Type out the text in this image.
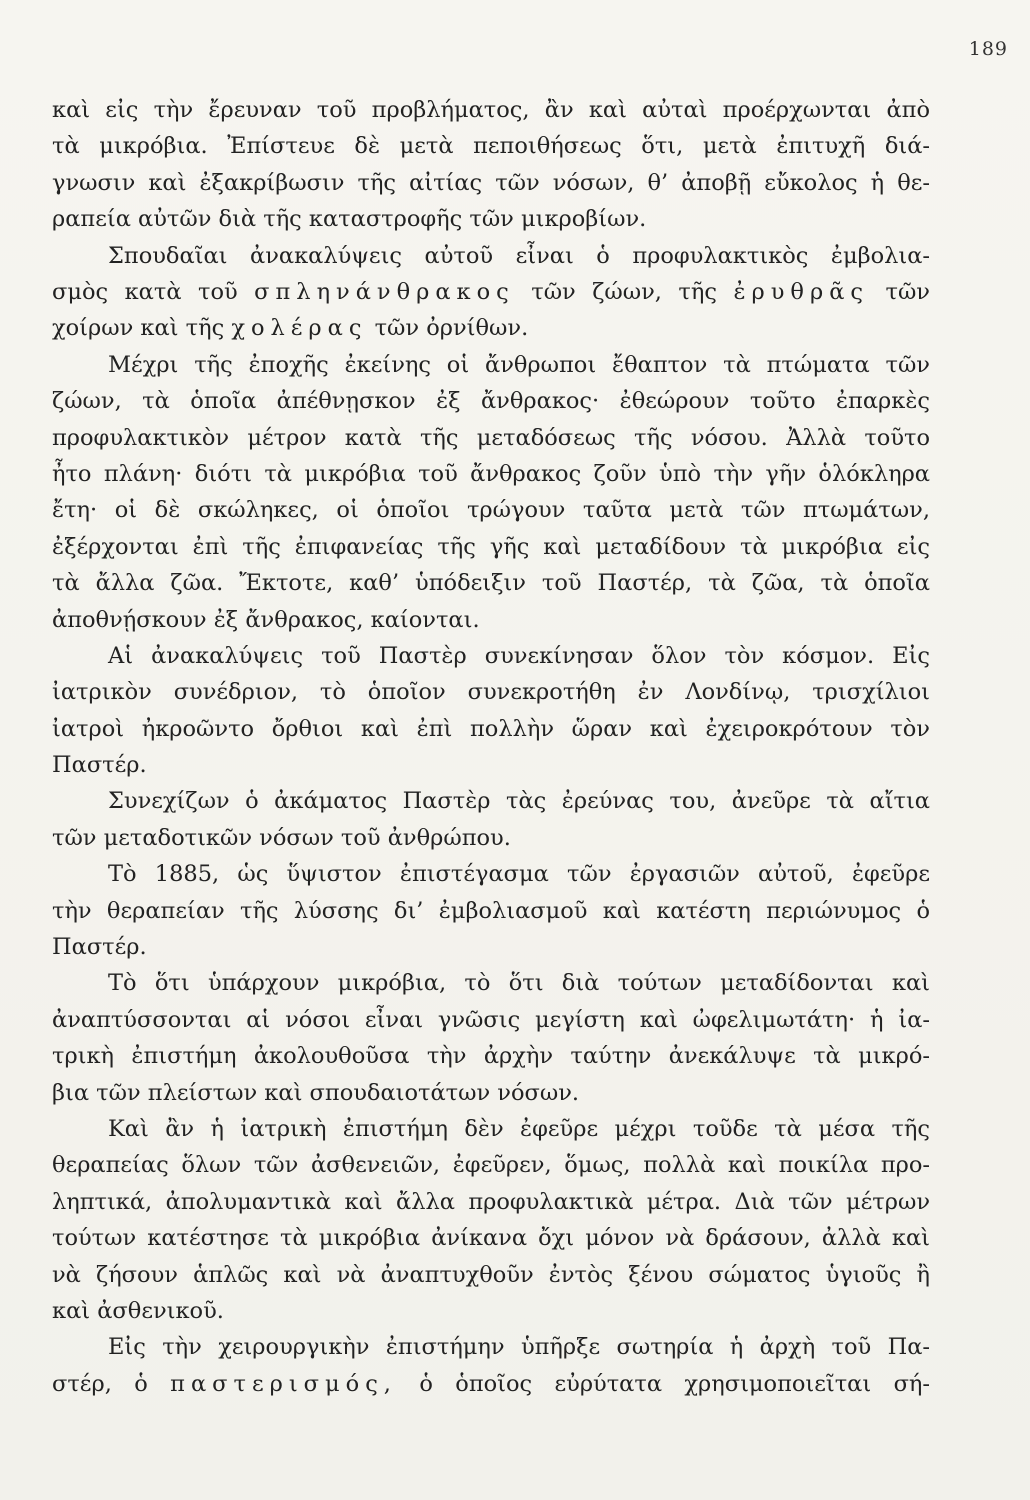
189
καὶ εἰς τὴν ἔρευναν τοῦ προβλήματος, ἂν καὶ αὐταὶ προέρχωνται ἀπὸ
τὰ μικρόβια. Ἐπίστευε δὲ μετὰ πεποιθήσεως ὅτι, μετὰ ἐπιτυχῆ διά-
γνωσιν καὶ ἐξακρίβωσιν τῆς αἰτίας τῶν νόσων, θ’ ἀποβῇ εὔκολος ἡ θε-
ραπεία αὐτῶν διὰ τῆς καταστροφῆς τῶν μικροβίων.
Σπουδαῖαι ἀνακαλύψεις αὐτοῦ εἶναι ὁ προφυλακτικὸς ἐμβολια-
σμὸς κατὰ τοῦ σπληνάνθρακος τῶν ζώων, τῆς ἐρυθρᾶς τῶν
χοίρων καὶ τῆς χολέρας τῶν ὀρνίθων.
Μέχρι τῆς ἐποχῆς ἐκείνης οἱ ἄνθρωποι ἔθαπτον τὰ πτώματα τῶν
ζώων, τὰ ὁποῖα ἀπέθνῃσκον ἐξ ἄνθρακος· ἐθεώρουν τοῦτο ἐπαρκὲς
προφυλακτικὸν μέτρον κατὰ τῆς μεταδόσεως τῆς νόσου. Ἀλλὰ τοῦτο
ἦτο πλάνη· διότι τὰ μικρόβια τοῦ ἄνθρακος ζοῦν ὑπὸ τὴν γῆν ὁλόκληρα
ἔτη· οἱ δὲ σκώληκες, οἱ ὁποῖοι τρώγουν ταῦτα μετὰ τῶν πτωμάτων,
ἐξέρχονται ἐπὶ τῆς ἐπιφανείας τῆς γῆς καὶ μεταδίδουν τὰ μικρόβια εἰς
τὰ ἄλλα ζῶα. Ἔκτοτε, καθ’ ὑπόδειξιν τοῦ Παστέρ, τὰ ζῶα, τὰ ὁποῖα
ἀποθνῄσκουν ἐξ ἄνθρακος, καίονται.
Αἱ ἀνακαλύψεις τοῦ Παστὲρ συνεκίνησαν ὅλον τὸν κόσμον. Εἰς
ἰατρικὸν συνέδριον, τὸ ὁποῖον συνεκροτήθη ἐν Λονδίνῳ, τρισχίλιοι
ἰατροὶ ἠκροῶντο ὄρθιοι καὶ ἐπὶ πολλὴν ὥραν καὶ ἐχειροκρότουν τὸν
Παστέρ.
Συνεχίζων ὁ ἀκάματος Παστὲρ τὰς ἐρεύνας του, ἀνεῦρε τὰ αἴτια
τῶν μεταδοτικῶν νόσων τοῦ ἀνθρώπου.
Τὸ 1885, ὡς ὕψιστον ἐπιστέγασμα τῶν ἐργασιῶν αὐτοῦ, ἐφεῦρε
τὴν θεραπείαν τῆς λύσσης δι’ ἐμβολιασμοῦ καὶ κατέστη περιώνυμος ὁ
Παστέρ.
Τὸ ὅτι ὑπάρχουν μικρόβια, τὸ ὅτι διὰ τούτων μεταδίδονται καὶ
ἀναπτύσσονται αἱ νόσοι εἶναι γνῶσις μεγίστη καὶ ὠφελιμωτάτη· ἡ ἰα-
τρικὴ ἐπιστήμη ἀκολουθοῦσα τὴν ἀρχὴν ταύτην ἀνεκάλυψε τὰ μικρό-
βια τῶν πλείστων καὶ σπουδαιοτάτων νόσων.
Καὶ ἂν ἡ ἰατρικὴ ἐπιστήμη δὲν ἐφεῦρε μέχρι τοῦδε τὰ μέσα τῆς
θεραπείας ὅλων τῶν ἀσθενειῶν, ἐφεῦρεν, ὅμως, πολλὰ καὶ ποικίλα προ-
ληπτικά, ἀπολυμαντικὰ καὶ ἄλλα προφυλακτικὰ μέτρα. Διὰ τῶν μέτρων
τούτων κατέστησε τὰ μικρόβια ἀνίκανα ὄχι μόνον νὰ δράσουν, ἀλλὰ καὶ
νὰ ζήσουν ἁπλῶς καὶ νὰ ἀναπτυχθοῦν ἐντὸς ξένου σώματος ὑγιοῦς ἢ
καὶ ἀσθενικοῦ.
Εἰς τὴν χειρουργικὴν ἐπιστήμην ὑπῆρξε σωτηρία ἡ ἀρχὴ τοῦ Πα-
στέρ, ὁ παστερισμός, ὁ ὁποῖος εὐρύτατα χρησιμοποιεῖται σή-
